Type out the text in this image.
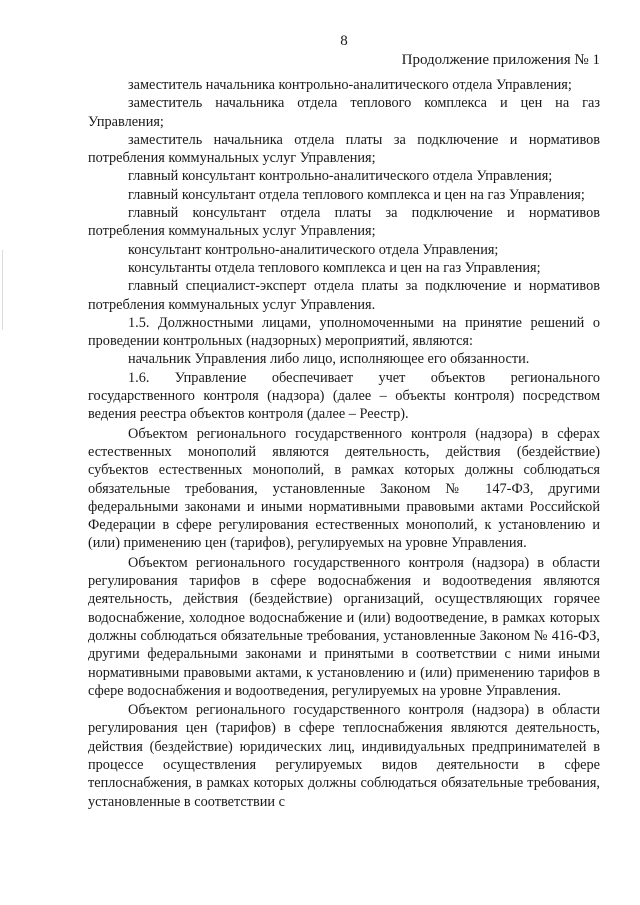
8
Продолжение приложения № 1

заместитель начальника контрольно-аналитического отдела Управления;

заместитель начальника отдела теплового комплекса и цен на газ Управления;

заместитель начальника отдела платы за подключение и нормативов потребления коммунальных услуг Управления;

главный консультант контрольно-аналитического отдела Управления;

главный консультант отдела теплового комплекса и цен на газ Управления;

главный консультант отдела платы за подключение и нормативов потребления коммунальных услуг Управления;

консультант контрольно-аналитического отдела Управления;

консультанты отдела теплового комплекса и цен на газ Управления;

главный специалист-эксперт отдела платы за подключение и нормативов потребления коммунальных услуг Управления.

1.5. Должностными лицами, уполномоченными на принятие решений о проведении контрольных (надзорных) мероприятий, являются:

начальник Управления либо лицо, исполняющее его обязанности.

1.6. Управление обеспечивает учет объектов регионального государственного контроля (надзора) (далее – объекты контроля) посредством ведения реестра объектов контроля (далее – Реестр).

Объектом регионального государственного контроля (надзора) в сферах естественных монополий являются деятельность, действия (бездействие) субъектов естественных монополий, в рамках которых должны соблюдаться обязательные требования, установленные Законом № 147-ФЗ, другими федеральными законами и иными нормативными правовыми актами Российской Федерации в сфере регулирования естественных монополий, к установлению и (или) применению цен (тарифов), регулируемых на уровне Управления.

Объектом регионального государственного контроля (надзора) в области регулирования тарифов в сфере водоснабжения и водоотведения являются деятельность, действия (бездействие) организаций, осуществляющих горячее водоснабжение, холодное водоснабжение и (или) водоотведение, в рамках которых должны соблюдаться обязательные требования, установленные Законом № 416-ФЗ, другими федеральными законами и принятыми в соответствии с ними иными нормативными правовыми актами, к установлению и (или) применению тарифов в сфере водоснабжения и водоотведения, регулируемых на уровне Управления.

Объектом регионального государственного контроля (надзора) в области регулирования цен (тарифов) в сфере теплоснабжения являются деятельность, действия (бездействие) юридических лиц, индивидуальных предпринимателей в процессе осуществления регулируемых видов деятельности в сфере теплоснабжения, в рамках которых должны соблюдаться обязательные требования, установленные в соответствии с
